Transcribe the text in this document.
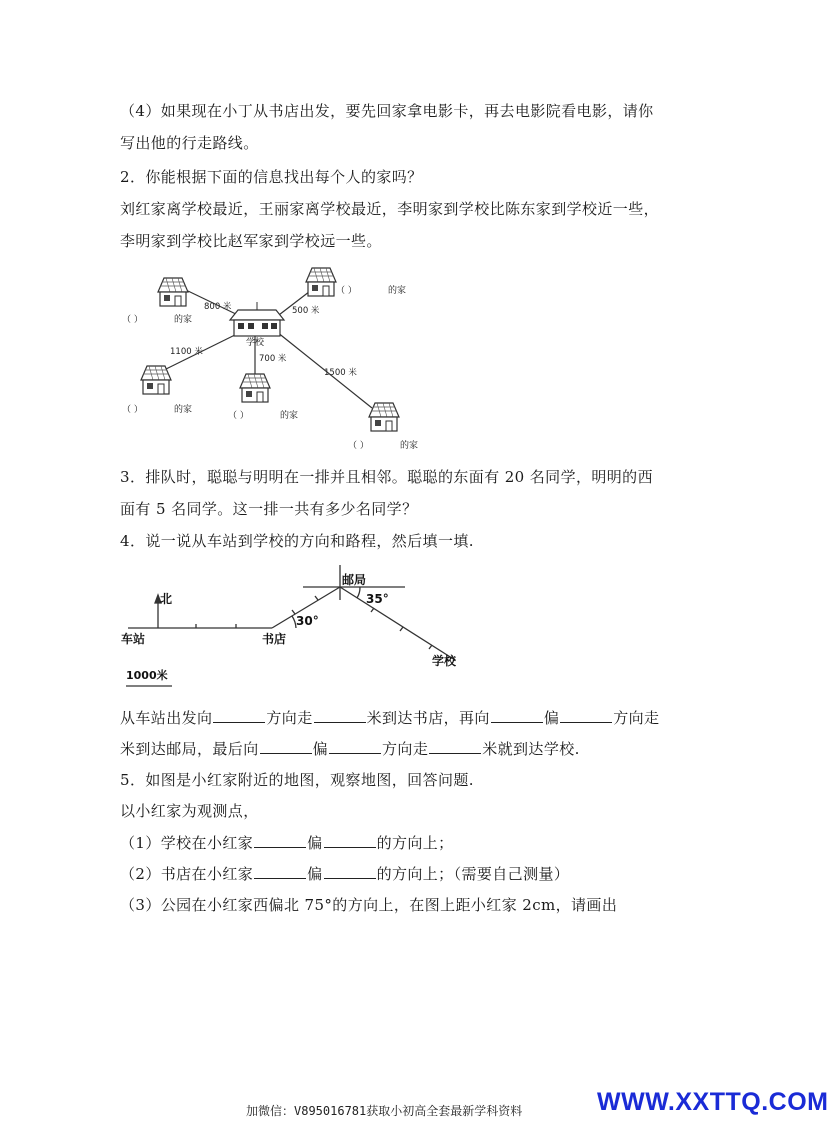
（4）如果现在小丁从书店出发，要先回家拿电影卡，再去电影院看电影，请你
写出他的行走路线。
2．你能根据下面的信息找出每个人的家吗？
刘红家离学校最近，王丽家离学校最近，李明家到学校比陈东家到学校近一些，
李明家到学校比赵军家到学校远一些。
学校
800 米	500 米
1100 米
700 米
1500 米
（ ）	的家
（ ）	的家
（ ）	的家
（ ）	的家
（ ）	的家
3．排队时，聪聪与明明在一排并且相邻。聪聪的东面有 20 名同学，明明的西
面有 5 名同学。这一排一共有多少名同学？
4．说一说从车站到学校的方向和路程，然后填一填.
北
车站	书店
邮局
学校
30°
35°
1000米
从车站出发向	方向走	米到达书店，再向	偏	方向走
米到达邮局，最后向	偏	方向走	米就到达学校.
5．如图是小红家附近的地图，观察地图，回答问题.
以小红家为观测点，
（1）学校在小红家	偏	的方向上；
（2）书店在小红家	偏	的方向上；（需要自己测量）
（3）公园在小红家西偏北 75°的方向上，在图上距小红家 2cm，请画出
加微信：V895016781获取小初高全套最新学科资料	WWW.XXTTQ.COM
